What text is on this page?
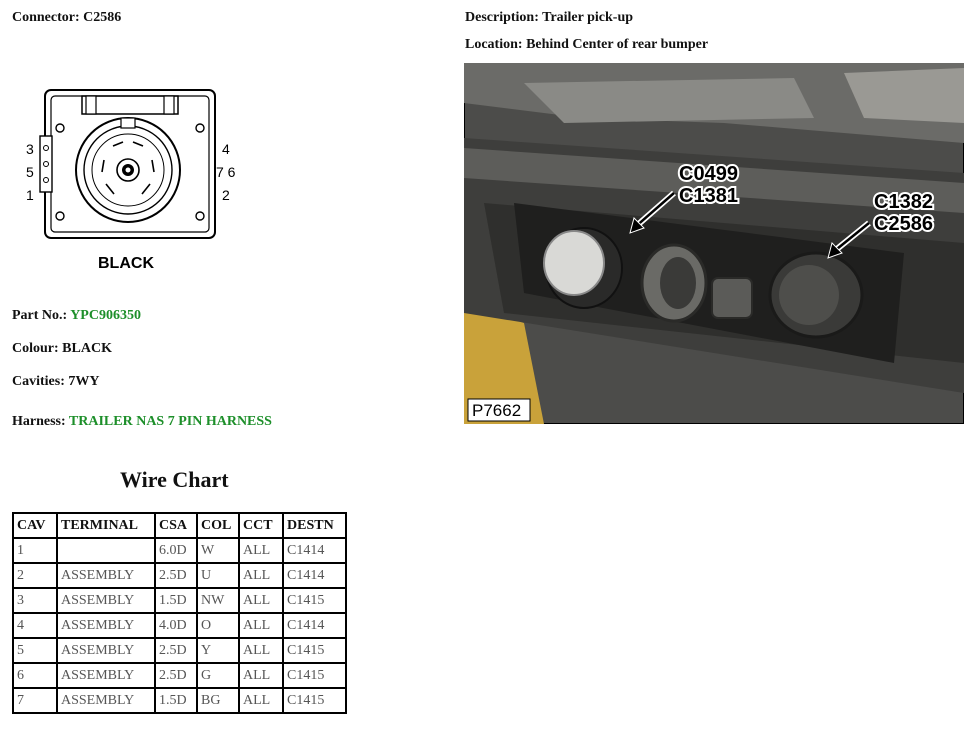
Connector: C2586
3
5
1
4
7 6
2
BLACK
Part No.: YPC906350
Colour: BLACK
Cavities: 7WY
Harness: TRAILER NAS 7 PIN HARNESS
Description: Trailer pick-up
Location: Behind Center of rear bumper
C0499
C1381	C1382
C2586
P7662
Wire Chart
CAV	TERMINAL	CSA	COL	CCT	DESTN
1		6.0D	W	ALL	C1414
2	ASSEMBLY	2.5D	U	ALL	C1414
3	ASSEMBLY	1.5D	NW	ALL	C1415
4	ASSEMBLY	4.0D	O	ALL	C1414
5	ASSEMBLY	2.5D	Y	ALL	C1415
6	ASSEMBLY	2.5D	G	ALL	C1415
7	ASSEMBLY	1.5D	BG	ALL	C1415
